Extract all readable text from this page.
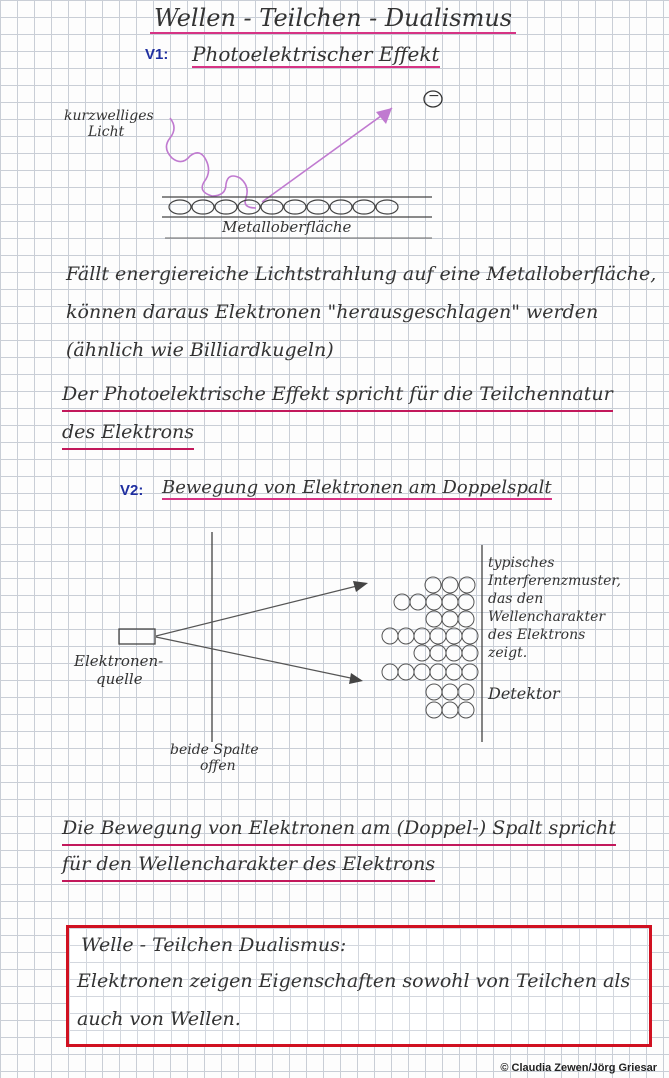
Wellen - Teilchen - Dualismus
V1: Photoelektrischer Effekt
kurzwelliges
Licht
−
Metalloberfläche
Fällt energiereiche Lichtstrahlung auf eine Metalloberfläche,
können daraus Elektronen "herausgeschlagen" werden
(ähnlich wie Billiardkugeln)
Der Photoelektrische Effekt spricht für die Teilchennatur
des Elektrons
V2: Bewegung von Elektronen am Doppelspalt
Elektronen-
quelle
beide Spalte
offen
typisches
Interferenzmuster,
das den
Wellencharakter
des Elektrons
zeigt.
Detektor
Die Bewegung von Elektronen am (Doppel-) Spalt spricht
für den Wellencharakter des Elektrons
Welle - Teilchen Dualismus:
Elektronen zeigen Eigenschaften sowohl von Teilchen als
auch von Wellen.
© Claudia Zewen/Jörg Griesar
